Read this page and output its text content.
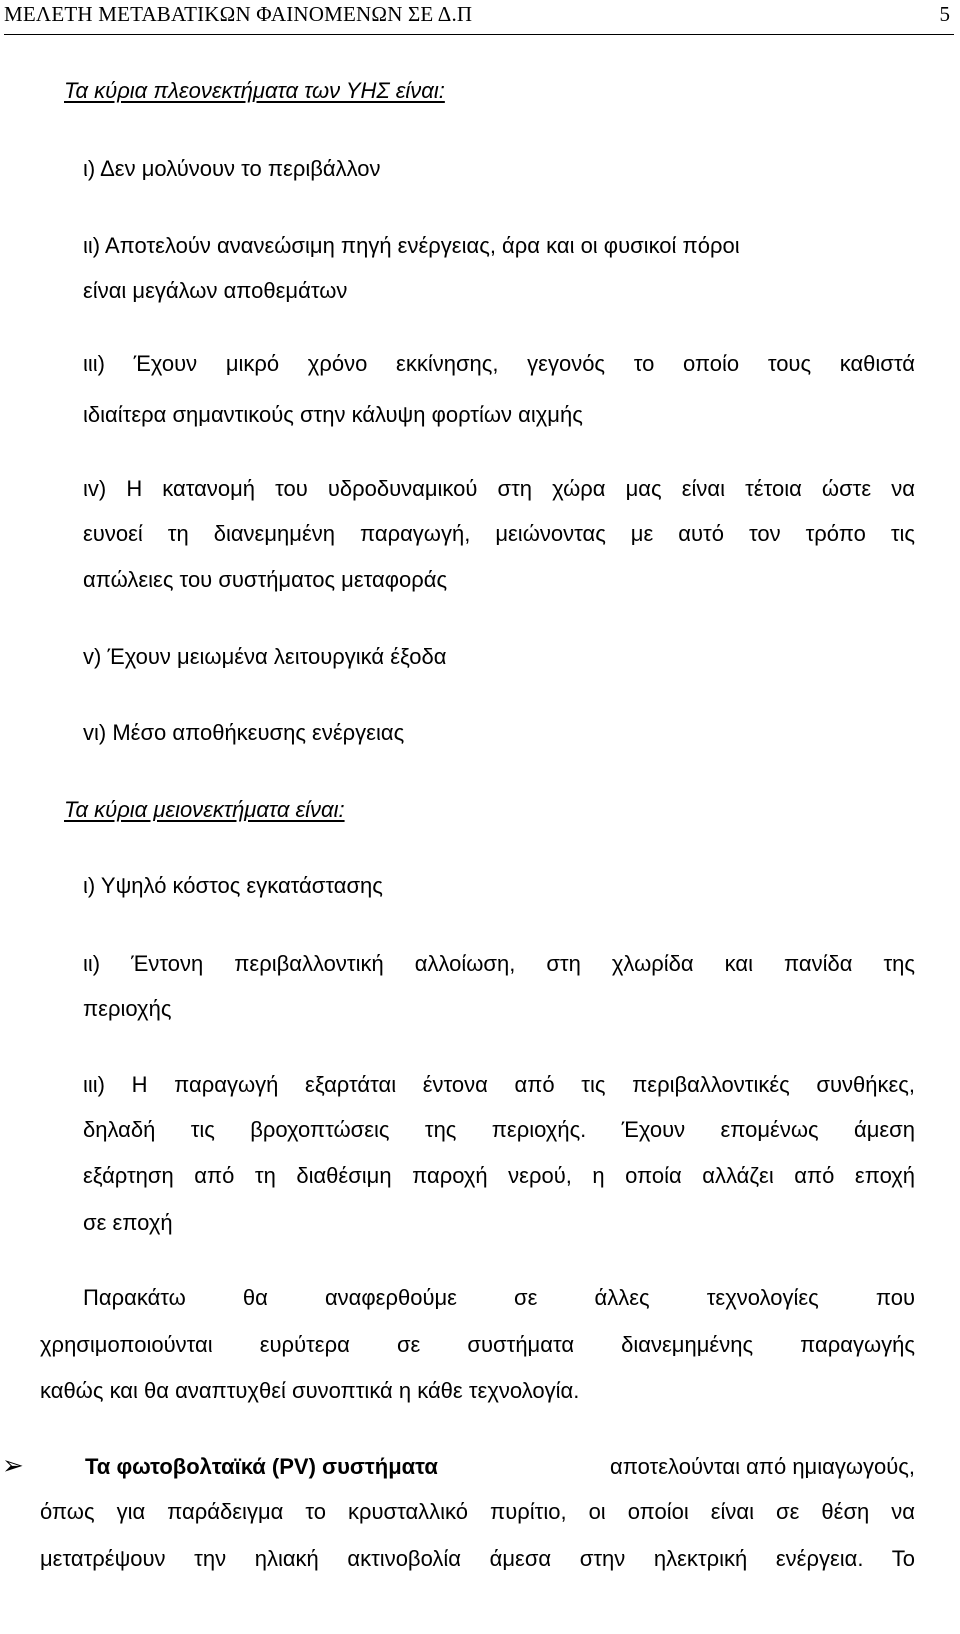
ΜΕΛΕΤΗ ΜΕΤΑΒΑΤΙΚΩΝ ΦΑΙΝΟΜΕΝΩΝ ΣΕ Δ.Π	5

Τα κύρια πλεονεκτήματα των ΥΗΣ είναι:

ι) Δεν μολύνουν το περιβάλλον

ιι) Αποτελούν ανανεώσιμη πηγή ενέργειας, άρα και οι φυσικοί πόροι

είναι μεγάλων αποθεμάτων

ιιι) Έχουν μικρό χρόνο εκκίνησης, γεγονός το οποίο τους καθιστά

ιδιαίτερα σημαντικούς στην κάλυψη φορτίων αιχμής

ιv) Η κατανομή του υδροδυναμικού στη χώρα μας είναι τέτοια ώστε να

ευνοεί τη διανεμημένη παραγωγή, μειώνοντας με αυτό τον τρόπο τις

απώλειες του συστήματος μεταφοράς

v) Έχουν μειωμένα λειτουργικά έξοδα

vι) Μέσο αποθήκευσης ενέργειας

Τα κύρια μειονεκτήματα είναι:

ι) Υψηλό κόστος εγκατάστασης

ιι) Έντονη περιβαλλοντική αλλοίωση, στη χλωρίδα και πανίδα της

περιοχής

ιιι) Η παραγωγή εξαρτάται έντονα από τις περιβαλλοντικές συνθήκες,

δηλαδή τις βροχοπτώσεις της περιοχής. Έχουν επομένως άμεση

εξάρτηση από τη διαθέσιμη παροχή νερού, η οποία αλλάζει από εποχή

σε εποχή

Παρακάτω θα αναφερθούμε σε άλλες τεχνολογίες που

χρησιμοποιούνται ευρύτερα σε συστήματα διανεμημένης παραγωγής

καθώς και θα αναπτυχθεί συνοπτικά η κάθε τεχνολογία.

➢	Τα φωτοβολταϊκά (PV) συστήματα	αποτελούνται από ημιαγωγούς,

όπως για παράδειγμα το κρυσταλλικό πυρίτιο, οι οποίοι είναι σε θέση να

μετατρέψουν την ηλιακή ακτινοβολία άμεσα στην ηλεκτρική ενέργεια. Το
